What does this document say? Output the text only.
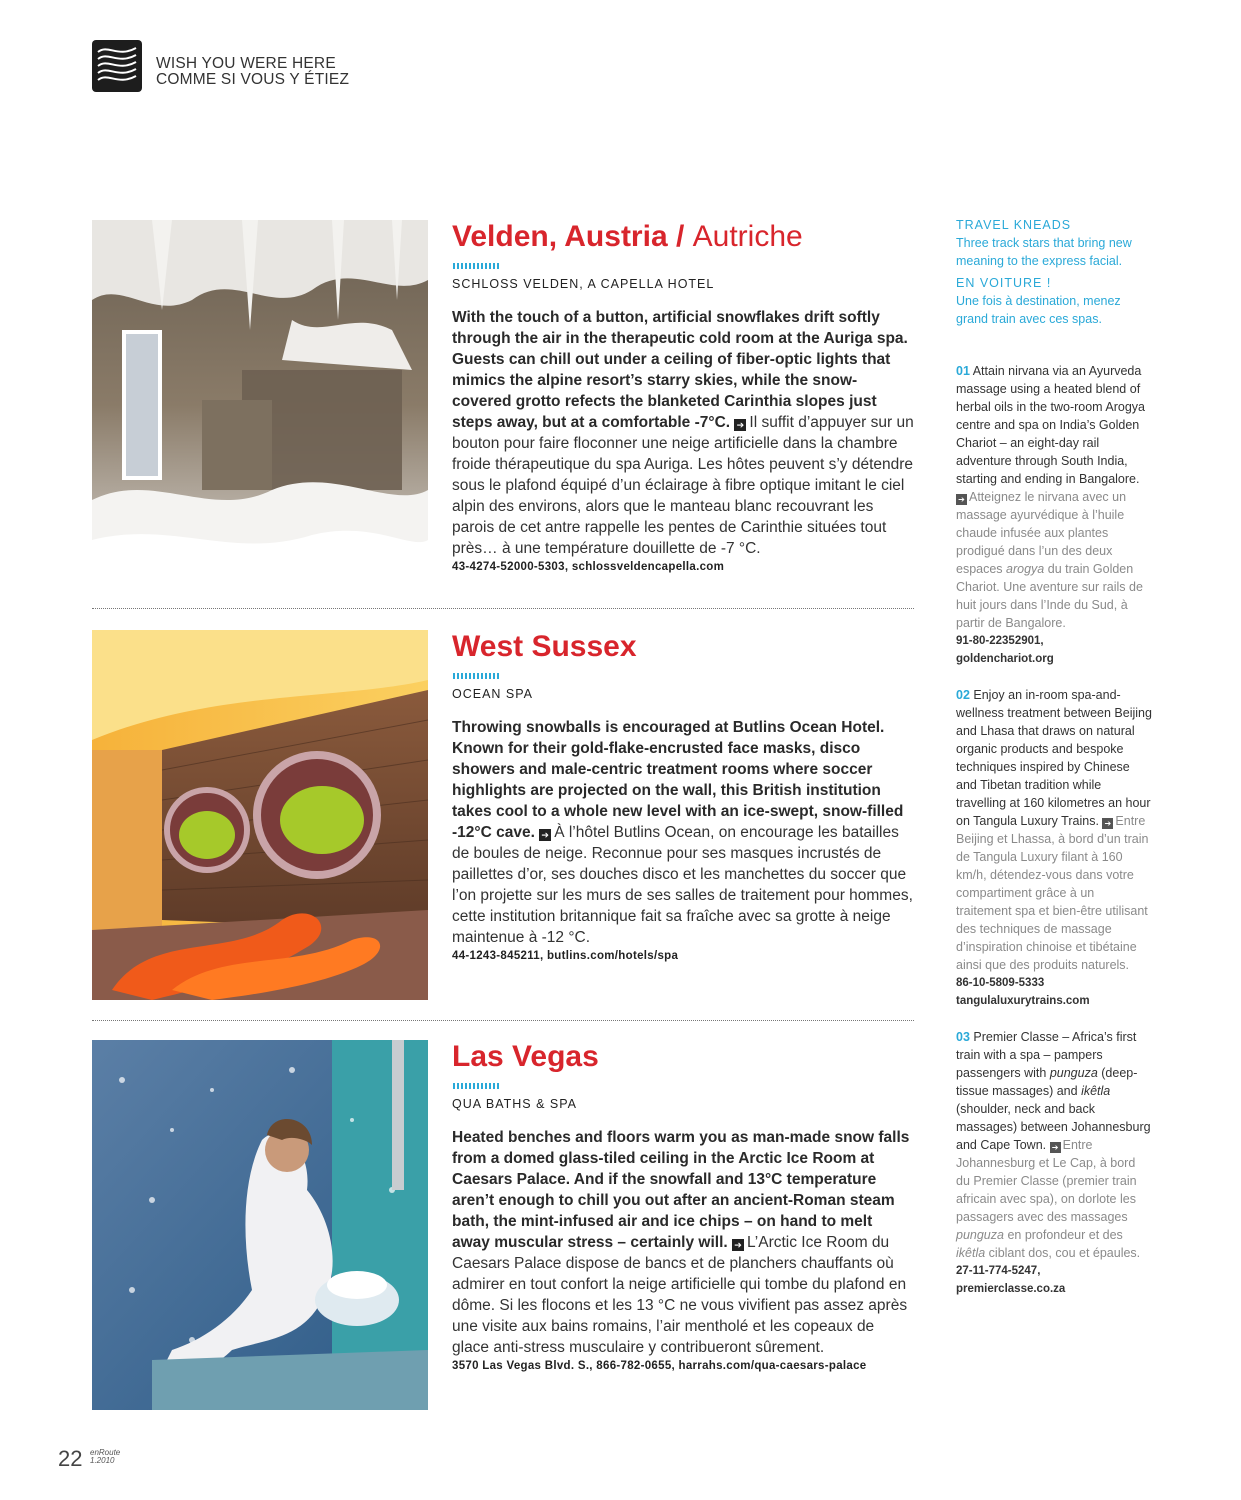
WISH YOU WERE HERE
COMME SI VOUS Y ÉTIEZ
Velden, Austria / Autriche
SCHLOSS VELDEN, A CAPELLA HOTEL
With the touch of a button, artificial snowflakes drift softly through the air in the therapeutic cold room at the Auriga spa. Guests can chill out under a ceiling of fiber-optic lights that mimics the alpine resort’s starry skies, while the snow-covered grotto refects the blanketed Carinthia slopes just steps away, but at a comfortable -7°C. ➔ Il suffit d’appuyer sur un bouton pour faire floconner une neige artificielle dans la chambre froide thérapeutique du spa Auriga. Les hôtes peuvent s’y détendre sous le plafond équipé d’un éclairage à fibre optique imitant le ciel alpin des environs, alors que le manteau blanc recouvrant les parois de cet antre rappelle les pentes de Carinthie situées tout près… à une température douillette de -7 °C.
43-4274-52000-5303, schlossveldencapella.com
West Sussex
OCEAN SPA
Throwing snowballs is encouraged at Butlins Ocean Hotel. Known for their gold-flake-encrusted face masks, disco showers and male-centric treatment rooms where soccer highlights are projected on the wall, this British institution takes cool to a whole new level with an ice-swept, snow-filled -12°C cave. ➔ À l’hôtel Butlins Ocean, on encourage les batailles de boules de neige. Reconnue pour ses masques incrustés de paillettes d’or, ses douches disco et les manchettes du soccer que l’on projette sur les murs de ses salles de traitement pour hommes, cette institution britannique fait sa fraîche avec sa grotte à neige maintenue à -12 °C.
44-1243-845211, butlins.com/hotels/spa
Las Vegas
QUA BATHS & SPA
Heated benches and floors warm you as man-made snow falls from a domed glass-tiled ceiling in the Arctic Ice Room at Caesars Palace. And if the snowfall and 13°C temperature aren’t enough to chill you out after an ancient-Roman steam bath, the mint-infused air and ice chips – on hand to melt away muscular stress – certainly will. ➔ L’Arctic Ice Room du Caesars Palace dispose de bancs et de planchers chauffants où admirer en tout confort la neige artificielle qui tombe du plafond en dôme. Si les flocons et les 13 °C ne vous vivifient pas assez après une visite aux bains romains, l’air mentholé et les copeaux de glace anti-stress musculaire y contribueront sûrement.
3570 Las Vegas Blvd. S., 866-782-0655, harrahs.com/qua-caesars-palace
TRAVEL KNEADS
Three track stars that bring new meaning to the express facial.
EN VOITURE !
Une fois à destination, menez grand train avec ces spas.
01 Attain nirvana via an Ayurveda massage using a heated blend of herbal oils in the two-room Arogya centre and spa on India’s Golden Chariot – an eight-day rail adventure through South India, starting and ending in Bangalore. ➔ Atteignez le nirvana avec un massage ayurvédique à l’huile chaude infusée aux plantes prodigué dans l’un des deux espaces arogya du train Golden Chariot. Une aventure sur rails de huit jours dans l’Inde du Sud, à partir de Bangalore.
91-80-22352901,
goldenchariot.org
02 Enjoy an in-room spa-and-wellness treatment between Beijing and Lhasa that draws on natural organic products and bespoke techniques inspired by Chinese and Tibetan tradition while travelling at 160 kilometres an hour on Tangula Luxury Trains. ➔ Entre Beijing et Lhassa, à bord d’un train de Tangula Luxury filant à 160 km/h, détendez-vous dans votre compartiment grâce à un traitement spa et bien-être utilisant des techniques de massage d’inspiration chinoise et tibétaine ainsi que des produits naturels.
86-10-5809-5333
tangulaluxurytrains.com
03 Premier Classe – Africa’s first train with a spa – pampers passengers with punguza (deep-tissue massages) and ikêtla (shoulder, neck and back massages) between Johannesburg and Cape Town. ➔ Entre Johannesburg et Le Cap, à bord du Premier Classe (premier train africain avec spa), on dorlote les passagers avec des massages punguza en profondeur et des ikêtla ciblant dos, cou et épaules.
27-11-774-5247,
premierclasse.co.za
22 enRoute
1.2010
